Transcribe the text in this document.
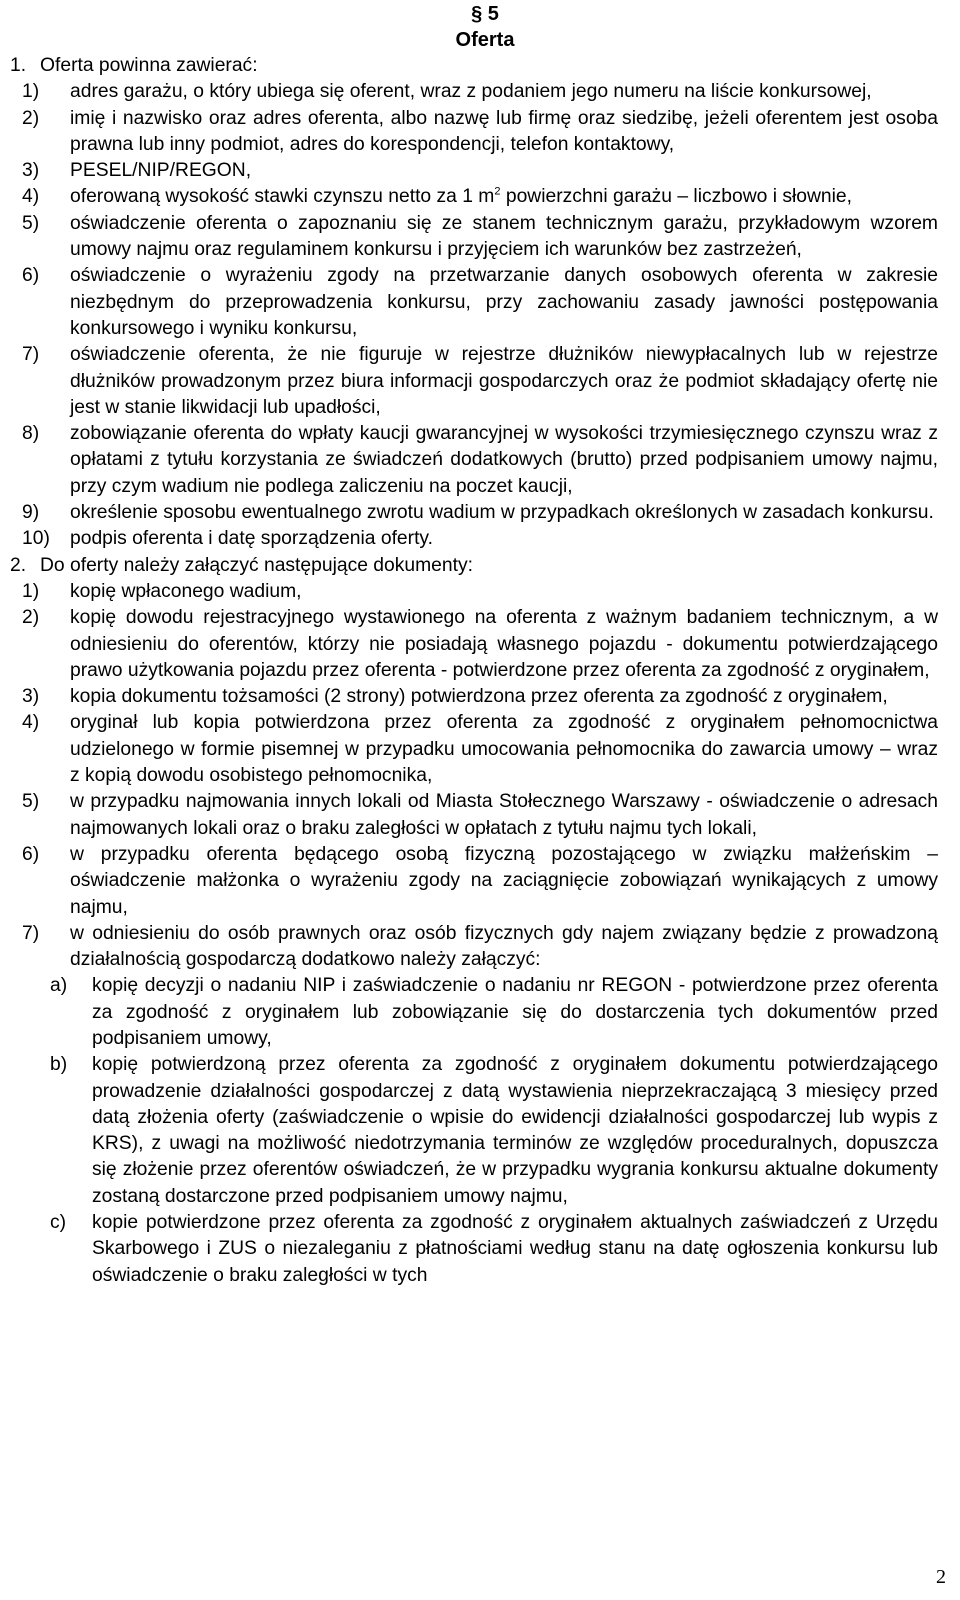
§ 5
Oferta
1. Oferta powinna zawierać:
1)	adres garażu, o który ubiega się oferent, wraz z podaniem jego numeru na liście konkursowej,
2)	imię i nazwisko oraz adres oferenta, albo nazwę lub firmę oraz siedzibę, jeżeli oferentem jest osoba prawna lub inny podmiot, adres do korespondencji, telefon kontaktowy,
3)	PESEL/NIP/REGON,
4)	oferowaną wysokość stawki czynszu netto za 1 $m^2$ powierzchni garażu – liczbowo i słownie,
5)	oświadczenie oferenta o zapoznaniu się ze stanem technicznym garażu, przykładowym wzorem umowy najmu oraz regulaminem konkursu i przyjęciem ich warunków bez zastrzeżeń,
6)	oświadczenie o wyrażeniu zgody na przetwarzanie danych osobowych oferenta w zakresie niezbędnym do przeprowadzenia konkursu, przy zachowaniu zasady jawności postępowania konkursowego i wyniku konkursu,
7)	oświadczenie oferenta, że nie figuruje w rejestrze dłużników niewypłacalnych lub w rejestrze dłużników prowadzonym przez biura informacji gospodarczych oraz że podmiot składający ofertę nie jest w stanie likwidacji lub upadłości,
8)	zobowiązanie oferenta do wpłaty kaucji gwarancyjnej w wysokości trzymiesięcznego czynszu wraz z opłatami z tytułu korzystania ze świadczeń dodatkowych (brutto) przed podpisaniem umowy najmu, przy czym wadium nie podlega zaliczeniu na poczet kaucji,
9)	określenie sposobu ewentualnego zwrotu wadium w przypadkach określonych w zasadach konkursu.
10)	podpis oferenta i datę sporządzenia oferty.
2. Do oferty należy załączyć następujące dokumenty:
1)	kopię wpłaconego wadium,
2)	kopię dowodu rejestracyjnego wystawionego na oferenta z ważnym badaniem technicznym, a w odniesieniu do oferentów, którzy nie posiadają własnego pojazdu - dokumentu potwierdzającego prawo użytkowania pojazdu przez oferenta - potwierdzone przez oferenta za zgodność z oryginałem,
3)	kopia dokumentu tożsamości (2 strony) potwierdzona przez oferenta za zgodność z oryginałem,
4)	oryginał lub kopia potwierdzona przez oferenta za zgodność z oryginałem pełnomocnictwa udzielonego w formie pisemnej w przypadku umocowania pełnomocnika do zawarcia umowy – wraz z kopią dowodu osobistego pełnomocnika,
5)	w przypadku najmowania innych lokali od Miasta Stołecznego Warszawy - oświadczenie o adresach najmowanych lokali oraz o braku zaległości w opłatach z tytułu najmu tych lokali,
6)	w przypadku oferenta będącego osobą fizyczną pozostającego w związku małżeńskim – oświadczenie małżonka o wyrażeniu zgody na zaciągnięcie zobowiązań wynikających z umowy najmu,
7)	w odniesieniu do osób prawnych oraz osób fizycznych gdy najem związany będzie z prowadzoną działalnością gospodarczą dodatkowo należy załączyć:
a)	kopię decyzji o nadaniu NIP i zaświadczenie o nadaniu nr REGON - potwierdzone przez oferenta za zgodność z oryginałem lub zobowiązanie się do dostarczenia tych dokumentów przed podpisaniem umowy,
b)	kopię potwierdzoną przez oferenta za zgodność z oryginałem dokumentu potwierdzającego prowadzenie działalności gospodarczej z datą wystawienia nieprzekraczającą 3 miesięcy przed datą złożenia oferty (zaświadczenie o wpisie do ewidencji działalności gospodarczej lub wypis z KRS), z uwagi na możliwość niedotrzymania terminów ze względów proceduralnych, dopuszcza się złożenie przez oferentów oświadczeń, że w przypadku wygrania konkursu aktualne dokumenty zostaną dostarczone przed podpisaniem umowy najmu,
c)	kopie potwierdzone przez oferenta za zgodność z oryginałem aktualnych zaświadczeń z Urzędu Skarbowego i ZUS o niezaleganiu z płatnościami według stanu na datę ogłoszenia konkursu lub oświadczenie o braku zaległości w tych
2
